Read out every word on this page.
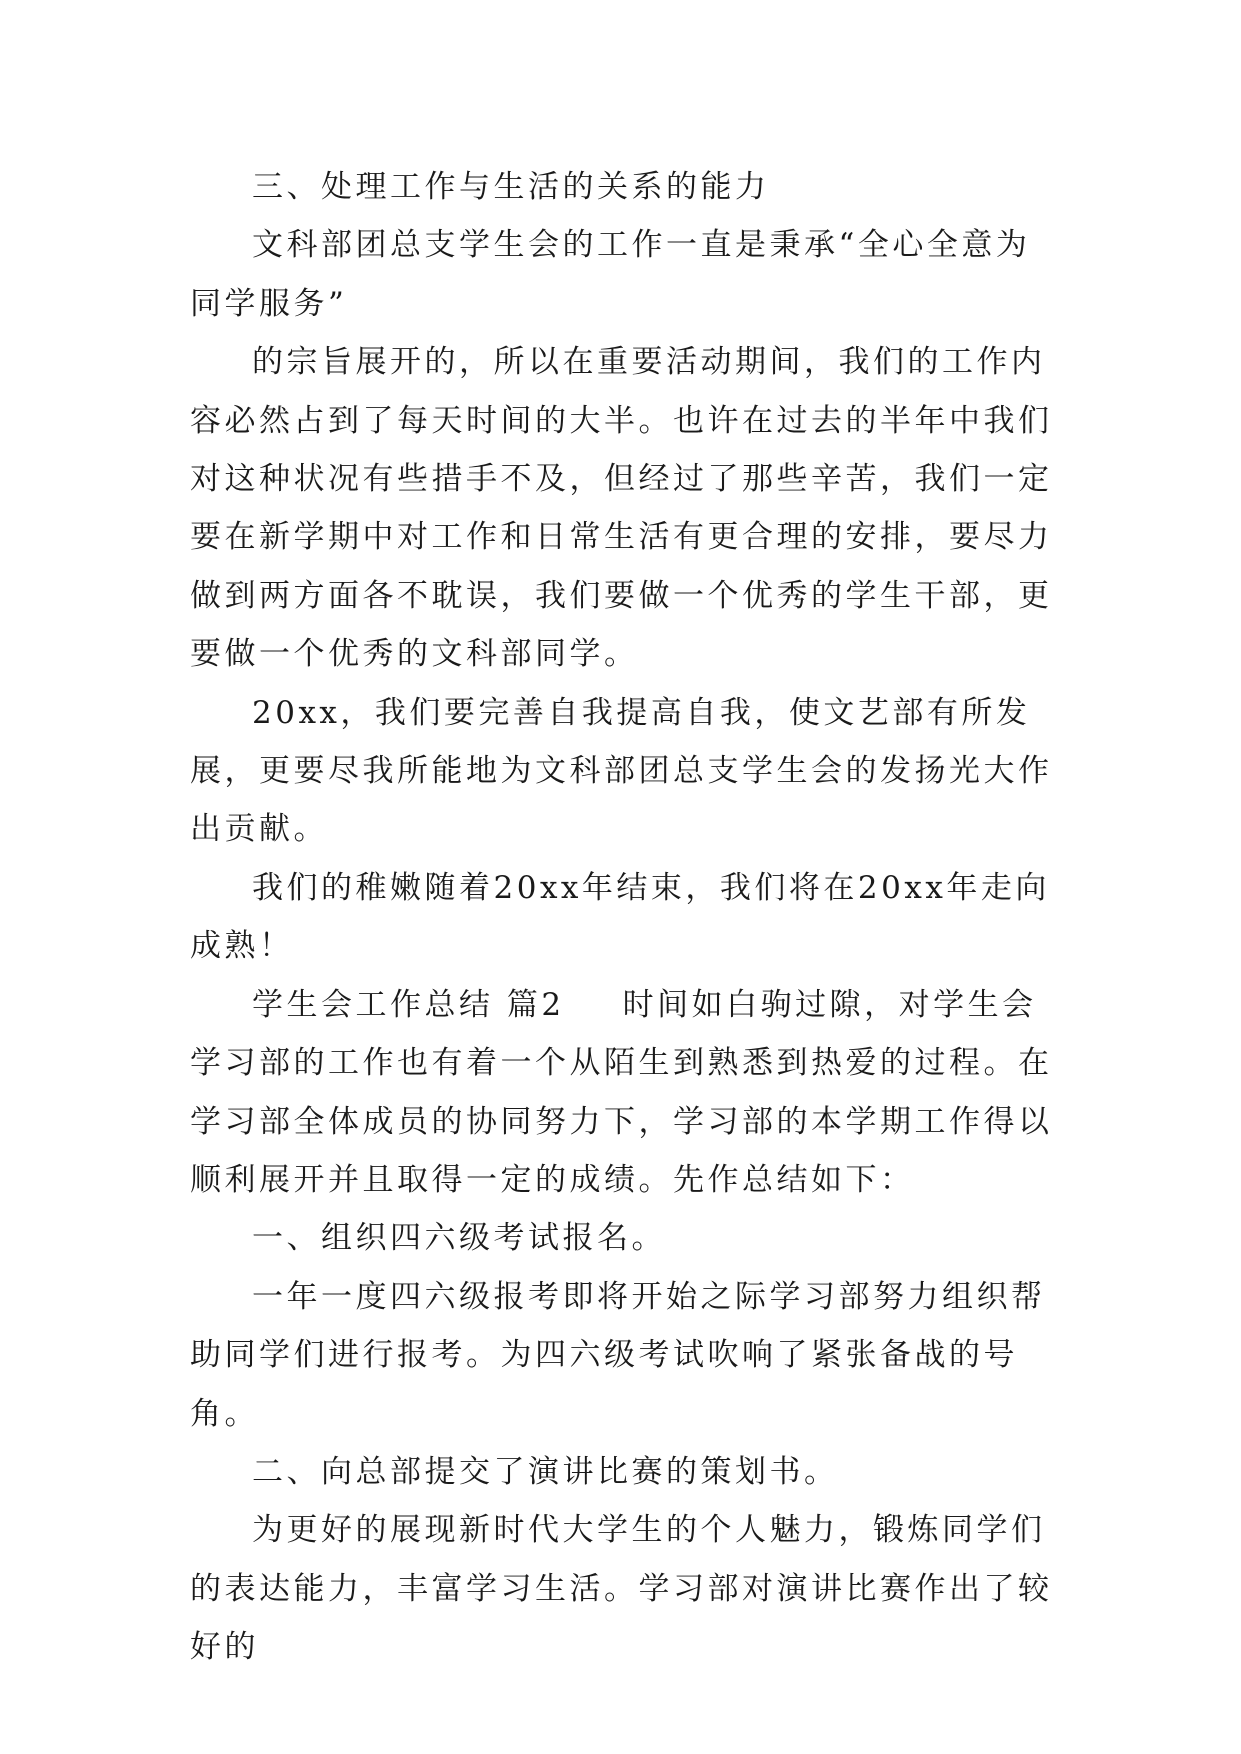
三、处理工作与生活的关系的能力

文科部团总支学生会的工作一直是秉承“全心全意为同学服务”

的宗旨展开的，所以在重要活动期间，我们的工作内容必然占到了每天时间的大半。也许在过去的半年中我们对这种状况有些措手不及，但经过了那些辛苦，我们一定要在新学期中对工作和日常生活有更合理的安排，要尽力做到两方面各不耽误，我们要做一个优秀的学生干部，更要做一个优秀的文科部同学。

20xx，我们要完善自我提高自我，使文艺部有所发展，更要尽我所能地为文科部团总支学生会的发扬光大作出贡献。

我们的稚嫩随着20xx年结束，我们将在20xx年走向成熟！

学生会工作总结 篇2 时间如白驹过隙，对学生会学习部的工作也有着一个从陌生到熟悉到热爱的过程。在学习部全体成员的协同努力下，学习部的本学期工作得以顺利展开并且取得一定的成绩。先作总结如下：

一、组织四六级考试报名。

一年一度四六级报考即将开始之际学习部努力组织帮助同学们进行报考。为四六级考试吹响了紧张备战的号角。

二、向总部提交了演讲比赛的策划书。

为更好的展现新时代大学生的个人魅力，锻炼同学们的表达能力，丰富学习生活。学习部对演讲比赛作出了较好的
